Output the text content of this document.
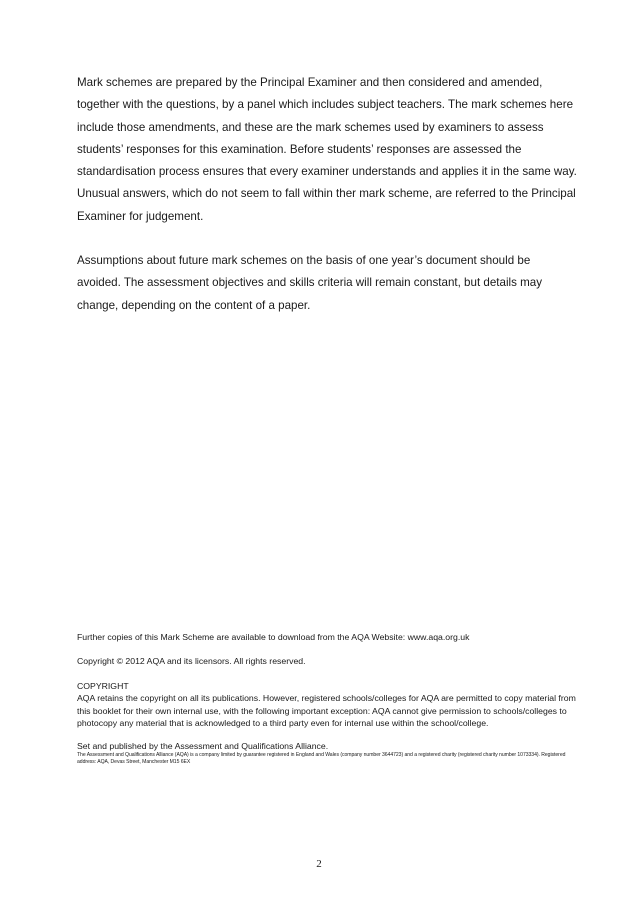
Mark schemes are prepared by the Principal Examiner and then considered and amended, together with the questions, by a panel which includes subject teachers. The mark schemes here include those amendments, and these are the mark schemes used by examiners to assess students’ responses for this examination. Before students’ responses are assessed the standardisation process ensures that every examiner understands and applies it in the same way. Unusual answers, which do not seem to fall within ther mark scheme, are referred to the Principal Examiner for judgement.

Assumptions about future mark schemes on the basis of one year’s document should be avoided. The assessment objectives and skills criteria will remain constant, but details may change, depending on the content of a paper.

Further copies of this Mark Scheme are available to download from the AQA Website: www.aqa.org.uk

Copyright © 2012 AQA and its licensors. All rights reserved.

COPYRIGHT

AQA retains the copyright on all its publications. However, registered schools/colleges for AQA are permitted to copy material from this booklet for their own internal use, with the following important exception: AQA cannot give permission to schools/colleges to photocopy any material that is acknowledged to a third party even for internal use within the school/college.

Set and published by the Assessment and Qualifications Alliance.

The Assessment and Qualifications Alliance (AQA) is a company limited by guarantee registered in England and Wales (company number 3644723) and a registered charity (registered charity number 1073334). Registered address: AQA, Devas Street, Manchester M15 6EX

2
